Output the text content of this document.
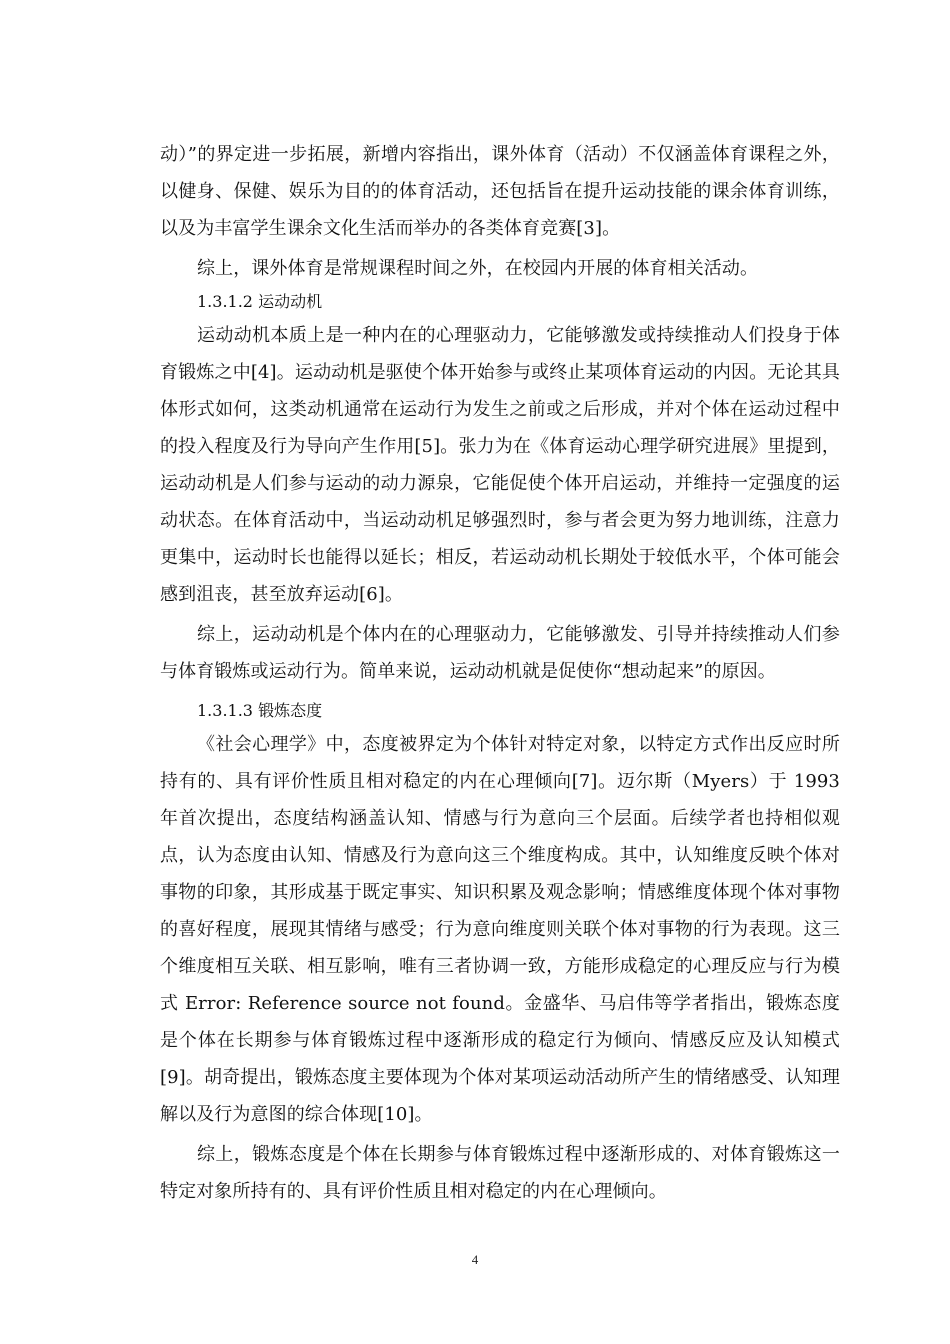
动）”的界定进一步拓展，新增内容指出，课外体育（活动）不仅涵盖体育课程之外，以健身、保健、娱乐为目的的体育活动，还包括旨在提升运动技能的课余体育训练，以及为丰富学生课余文化生活而举办的各类体育竞赛[3]。

综上，课外体育是常规课程时间之外，在校园内开展的体育相关活动。

1.3.1.2 运动动机

运动动机本质上是一种内在的心理驱动力，它能够激发或持续推动人们投身于体育锻炼之中[4]。运动动机是驱使个体开始参与或终止某项体育运动的内因。无论其具体形式如何，这类动机通常在运动行为发生之前或之后形成，并对个体在运动过程中的投入程度及行为导向产生作用[5]。张力为在《体育运动心理学研究进展》里提到，运动动机是人们参与运动的动力源泉，它能促使个体开启运动，并维持一定强度的运动状态。在体育活动中，当运动动机足够强烈时，参与者会更为努力地训练，注意力更集中，运动时长也能得以延长；相反，若运动动机长期处于较低水平，个体可能会感到沮丧，甚至放弃运动[6]。

综上，运动动机是个体内在的心理驱动力，它能够激发、引导并持续推动人们参与体育锻炼或运动行为。简单来说，运动动机就是促使你“想动起来”的原因。

1.3.1.3 锻炼态度

《社会心理学》中，态度被界定为个体针对特定对象，以特定方式作出反应时所持有的、具有评价性质且相对稳定的内在心理倾向[7]。迈尔斯（Myers）于 1993 年首次提出，态度结构涵盖认知、情感与行为意向三个层面。后续学者也持相似观点，认为态度由认知、情感及行为意向这三个维度构成。其中，认知维度反映个体对事物的印象，其形成基于既定事实、知识积累及观念影响；情感维度体现个体对事物的喜好程度，展现其情绪与感受；行为意向维度则关联个体对事物的行为表现。这三个维度相互关联、相互影响，唯有三者协调一致，方能形成稳定的心理反应与行为模式 Error: Reference source not found。金盛华、马启伟等学者指出，锻炼态度是个体在长期参与体育锻炼过程中逐渐形成的稳定行为倾向、情感反应及认知模式[9]。胡奇提出，锻炼态度主要体现为个体对某项运动活动所产生的情绪感受、认知理解以及行为意图的综合体现[10]。

综上，锻炼态度是个体在长期参与体育锻炼过程中逐渐形成的、对体育锻炼这一特定对象所持有的、具有评价性质且相对稳定的内在心理倾向。

4
